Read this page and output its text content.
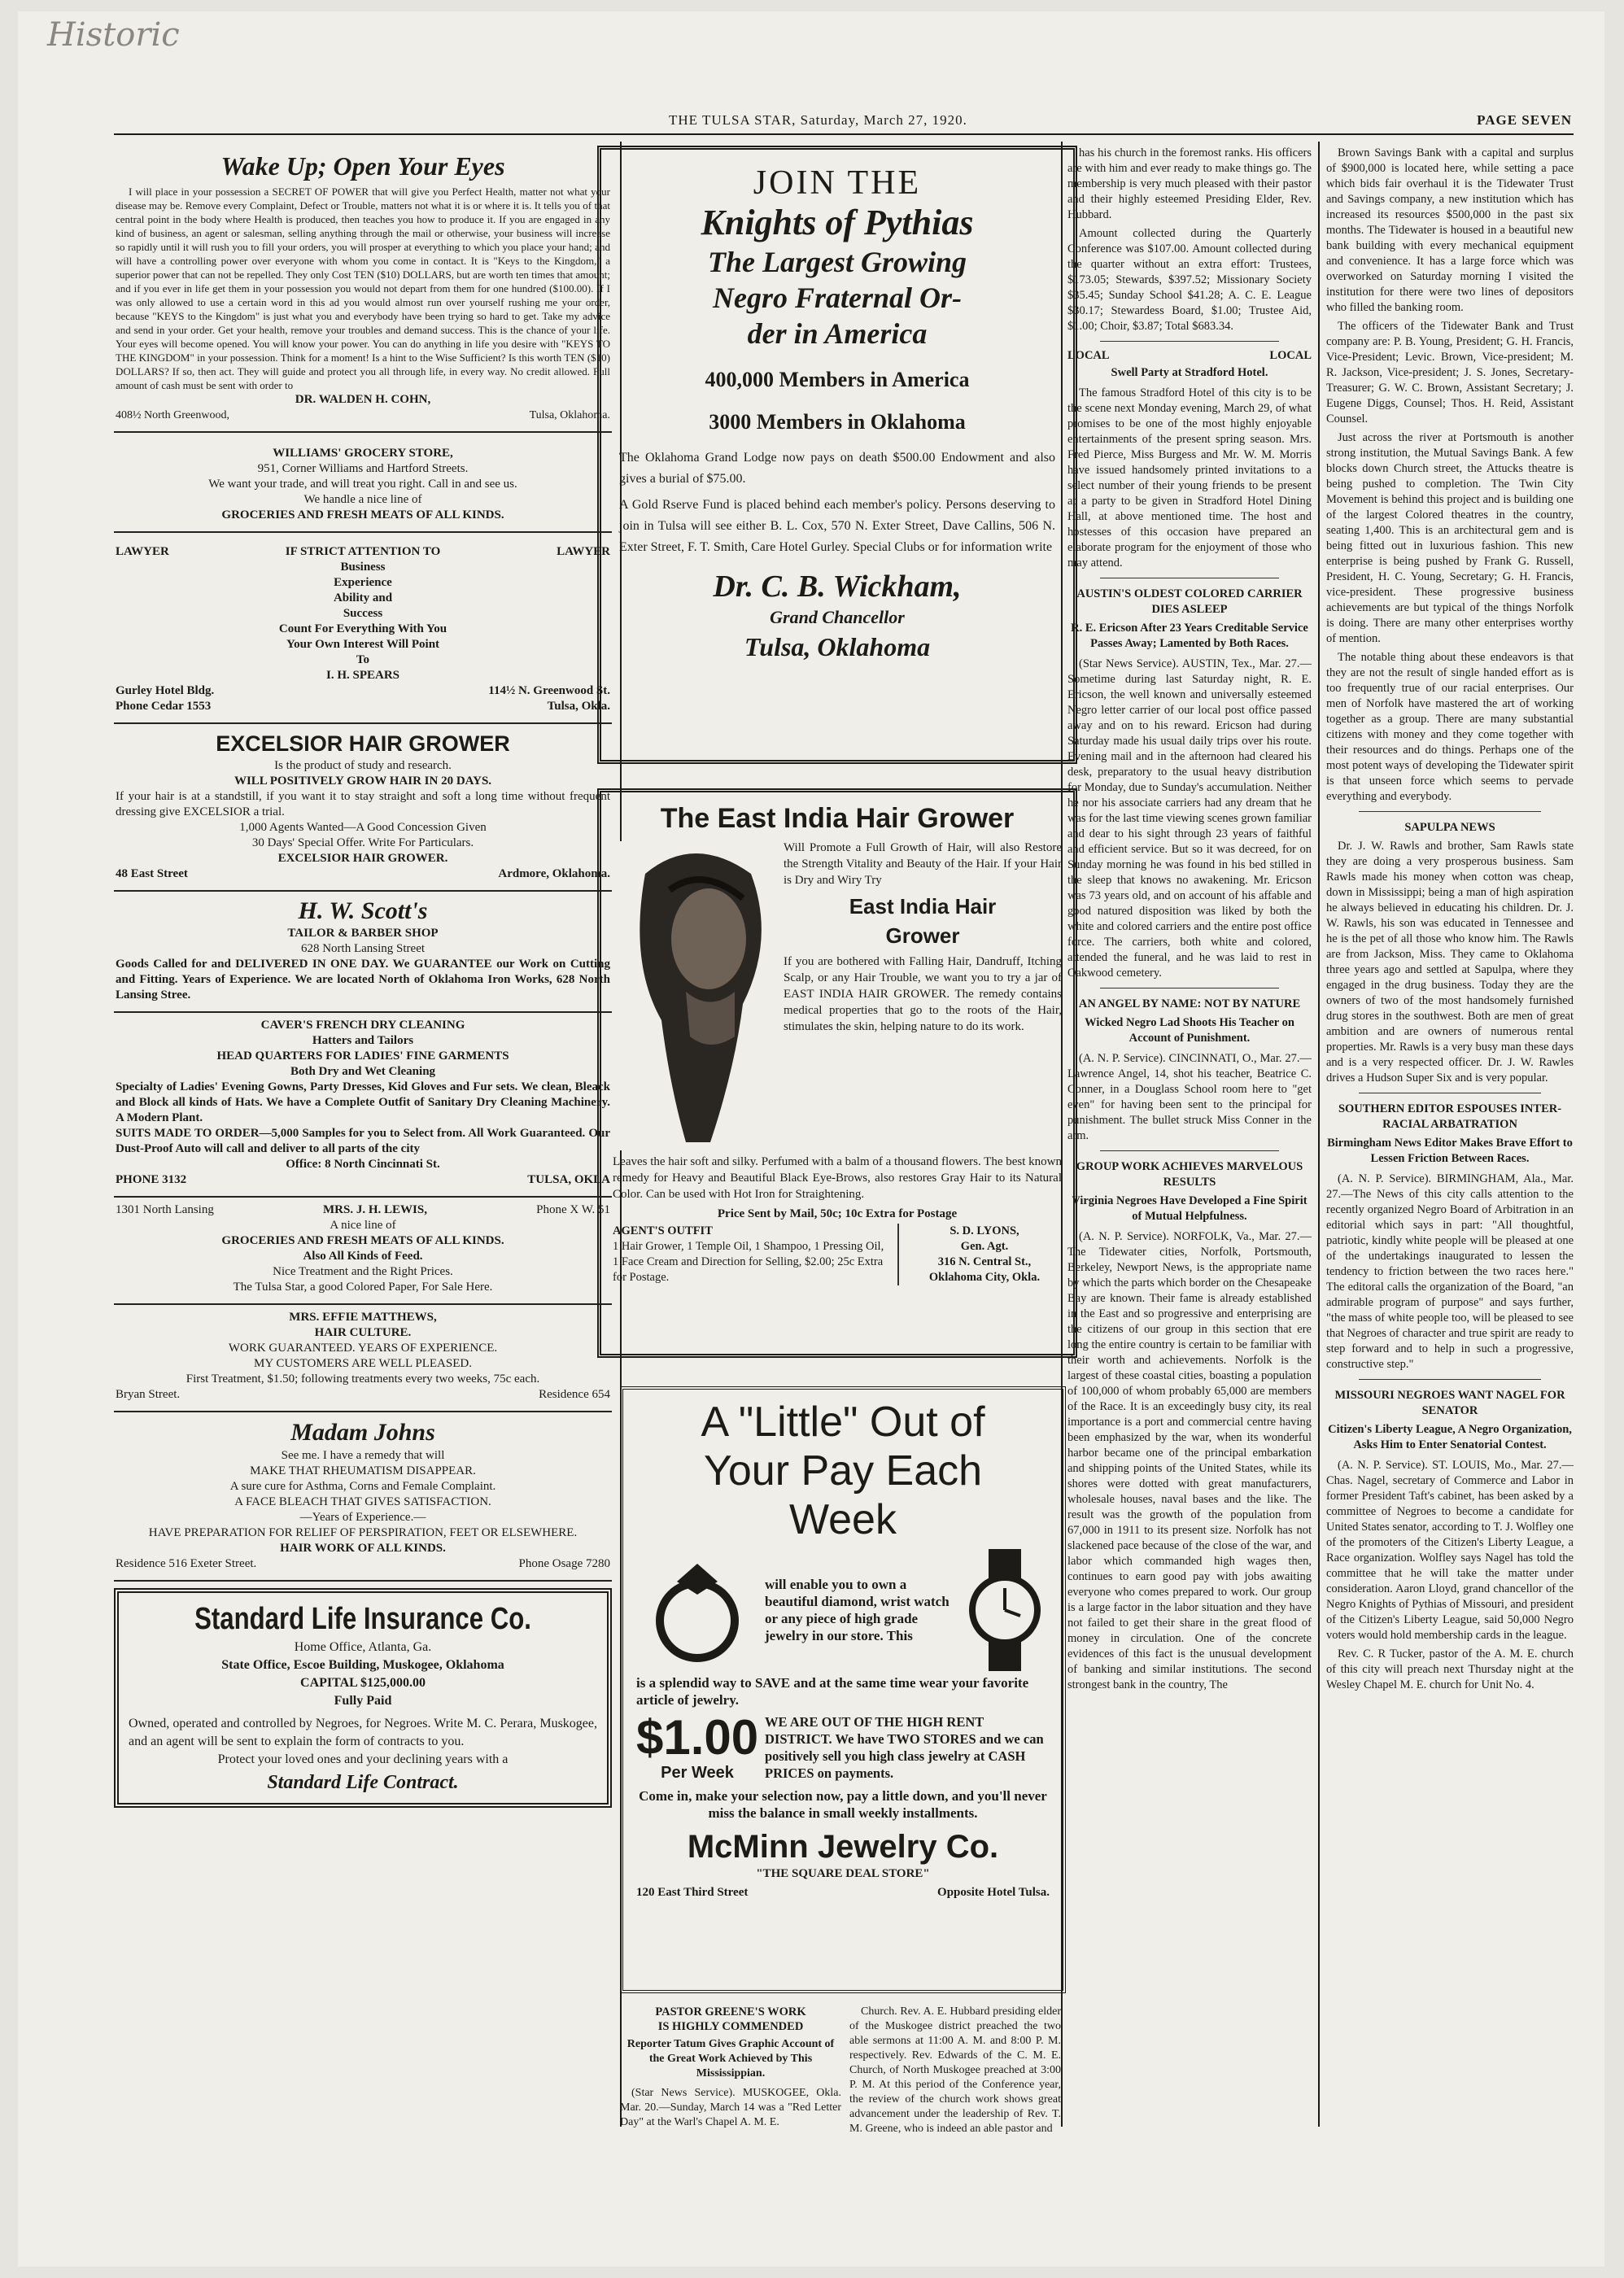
Historic
THE TULSA STAR, Saturday, March 27, 1920.	PAGE SEVEN
Wake Up; Open Your Eyes

I will place in your possession a SECRET OF POWER that will give you Perfect Health, matter not what your disease may be. Remove every Complaint, Defect or Trouble, matters not what it is or where it is. It tells you of that central point in the body where Health is produced, then teaches you how to produce it. If you are engaged in any kind of business, an agent or salesman, selling anything through the mail or otherwise, your business will increase so rapidly until it will rush you to fill your orders, you will prosper at everything to which you place your hand; and will have a controlling power over everyone with whom you come in contact. It is "Keys to the Kingdom," a superior power that can not be repelled. They only Cost TEN ($10) DOLLARS, but are worth ten times that amount; and if you ever in life get them in your possession you would not depart from them for one hundred ($100.00). If I was only allowed to use a certain word in this ad you would almost run over yourself rushing me your order, because "KEYS to the Kingdom" is just what you and everybody have been trying so hard to get. Take my advice and send in your order. Get your health, remove your troubles and demand success. This is the chance of your life. Your eyes will become opened. You will know your power. You can do anything in life you desire with "KEYS TO THE KINGDOM" in your possession. Think for a moment! Is a hint to the Wise Sufficient? Is this worth TEN ($10) DOLLARS? If so, then act. They will guide and protect you all through life, in every way. No credit allowed. Full amount of cash must be sent with order to

DR. WALDEN H. COHN,
408½ North Greenwood,	Tulsa, Oklahoma.

WILLIAMS' GROCERY STORE,

951, Corner Williams and Hartford Streets.

We want your trade, and will treat you right. Call in and see us.

We handle a nice line of

GROCERIES AND FRESH MEATS OF ALL KINDS.

LAWYER	IF STRICT ATTENTION TO	LAWYER

Business

Experience

Ability and

Success

Count For Everything With You

Your Own Interest Will Point

To

I. H. SPEARS

Gurley Hotel Bldg.	114½ N. Greenwood St.
Phone Cedar 1553	Tulsa, Okla.
EXCELSIOR HAIR GROWER

Is the product of study and research.

WILL POSITIVELY GROW HAIR IN 20 DAYS.

If your hair is at a standstill, if you want it to stay straight and soft a long time without frequent dressing give EXCELSIOR a trial.

1,000 Agents Wanted—A Good Concession Given

30 Days' Special Offer. Write For Particulars.

EXCELSIOR HAIR GROWER.

48 East Street	Ardmore, Oklahoma.
H. W. Scott's

TAILOR & BARBER SHOP

628 North Lansing Street

Goods Called for and DELIVERED IN ONE DAY. We GUARANTEE our Work on Cutting and Fitting. Years of Experience. We are located North of Oklahoma Iron Works, 628 North Lansing Stree.

CAVER'S FRENCH DRY CLEANING

Hatters and Tailors

HEAD QUARTERS FOR LADIES' FINE GARMENTS

Both Dry and Wet Cleaning

Specialty of Ladies' Evening Gowns, Party Dresses, Kid Gloves and Fur sets. We clean, Bleack and Block all kinds of Hats. We have a Complete Outfit of Sanitary Dry Cleaning Machinery. A Modern Plant.

SUITS MADE TO ORDER—5,000 Samples for you to Select from. All Work Guaranteed. Our Dust-Proof Auto will call and deliver to all parts of the city

Office: 8 North Cincinnati St.

PHONE 3132	TULSA, OKLA
1301 North Lansing	MRS. J. H. LEWIS,	Phone X W. 51

A nice line of

GROCERIES AND FRESH MEATS OF ALL KINDS.

Also All Kinds of Feed.

Nice Treatment and the Right Prices.

The Tulsa Star, a good Colored Paper, For Sale Here.

MRS. EFFIE MATTHEWS,

HAIR CULTURE.

WORK GUARANTEED. YEARS OF EXPERIENCE.

MY CUSTOMERS ARE WELL PLEASED.

First Treatment, $1.50; following treatments every two weeks, 75c each.

Bryan Street.	Residence 654
Madam Johns

See me. I have a remedy that will

MAKE THAT RHEUMATISM DISAPPEAR.

A sure cure for Asthma, Corns and Female Complaint.

A FACE BLEACH THAT GIVES SATISFACTION.

—Years of Experience.—

HAVE PREPARATION FOR RELIEF OF PERSPIRATION, FEET OR ELSEWHERE.

HAIR WORK OF ALL KINDS.

Residence 516 Exeter Street.	Phone Osage 7280
Standard Life Insurance Co.

Home Office, Atlanta, Ga.

State Office, Escoe Building, Muskogee, Oklahoma

CAPITAL $125,000.00

Fully Paid

Owned, operated and controlled by Negroes, for Negroes. Write M. C. Perara, Muskogee, and an agent will be sent to explain the form of contracts to you.

Protect your loved ones and your declining years with a

Standard Life Contract.
JOIN THE
Knights of Pythias
The Largest Growing
Negro Fraternal Or-
der in America
400,000 Members in America
3000 Members in Oklahoma

The Oklahoma Grand Lodge now pays on death $500.00 Endowment and also gives a burial of $75.00.

A Gold Rserve Fund is placed behind each member's policy. Persons deserving to join in Tulsa will see either B. L. Cox, 570 N. Exter Street, Dave Callins, 506 N. Exter Street, F. T. Smith, Care Hotel Gurley. Special Clubs or for information write

Dr. C. B. Wickham,
Grand Chancellor
Tulsa, Oklahoma
The East India Hair Grower

Will Promote a Full Growth of Hair, will also Restore the Strength Vitality and Beauty of the Hair. If your Hair is Dry and Wiry Try

East India Hair
Grower

If you are bothered with Falling Hair, Dandruff, Itching Scalp, or any Hair Trouble, we want you to try a jar of EAST INDIA HAIR GROWER. The remedy contains medical properties that go to the roots of the Hair, stimulates the skin, helping nature to do its work.

Leaves the hair soft and silky. Perfumed with a balm of a thousand flowers. The best known remedy for Heavy and Beautiful Black Eye-Brows, also restores Gray Hair to its Natural Color. Can be used with Hot Iron for Straightening.

Price Sent by Mail, 50c; 10c Extra for Postage

AGENT'S OUTFIT
1 Hair Grower, 1 Temple Oil, 1 Shampoo, 1 Pressing Oil, 1 Face Cream and Direction for Selling, $2.00; 25c Extra for Postage.
S. D. LYONS,
Gen. Agt.
316 N. Central St.,
Oklahoma City, Okla.
A "Little" Out of
Your Pay Each
Week
will enable you to own a beautiful diamond, wrist watch or any piece of high grade jewelry in our store. This

is a splendid way to SAVE and at the same time wear your favorite article of jewelry.

$1.00
Per Week
WE ARE OUT OF THE HIGH RENT DISTRICT. We have TWO STORES and we can positively sell you high class jewelry at CASH PRICES on payments.

Come in, make your selection now, pay a little down, and you'll never miss the balance in small weekly installments.

McMinn Jewelry Co.
"THE SQUARE DEAL STORE"
120 East Third Street	Opposite Hotel Tulsa.
PASTOR GREENE'S WORK
IS HIGHLY COMMENDED
Reporter Tatum Gives Graphic Account of the Great Work Achieved by This Mississippian.

(Star News Service). MUSKOGEE, Okla. Mar. 20.—Sunday, March 14 was a "Red Letter Day" at the Warl's Chapel A. M. E.

Church. Rev. A. E. Hubbard presiding elder of the Muskogee district preached the two able sermons at 11:00 A. M. and 8:00 P. M. respectively. Rev. Edwards of the C. M. E. Church, of North Muskogee preached at 3:00 P. M. At this period of the Conference year, the review of the church work shows great advancement under the leadership of Rev. T. M. Greene, who is indeed an able pastor and

has his church in the foremost ranks. His officers are with him and ever ready to make things go. The membership is very much pleased with their pastor and their highly esteemed Presiding Elder, Rev. Hubbard.

Amount collected during the Quarterly Conference was $107.00. Amount collected during the quarter without an extra effort: Trustees, $173.05; Stewards, $397.52; Missionary Society $35.45; Sunday School $41.28; A. C. E. League $30.17; Stewardess Board, $1.00; Trustee Aid, $1.00; Choir, $3.87; Total $683.34.

LOCAL	LOCAL
Swell Party at Stradford Hotel.

The famous Stradford Hotel of this city is to be the scene next Monday evening, March 29, of what promises to be one of the most highly enjoyable entertainments of the present spring season. Mrs. Fred Pierce, Miss Burgess and Mr. W. M. Morris have issued handsomely printed invitations to a select number of their young friends to be present at a party to be given in Stradford Hotel Dining Hall, at above mentioned time. The host and hostesses of this occasion have prepared an elaborate program for the enjoyment of those who may attend.

AUSTIN'S OLDEST COLORED CARRIER DIES ASLEEP
R. E. Ericson After 23 Years Creditable Service Passes Away; Lamented by Both Races.

(Star News Service). AUSTIN, Tex., Mar. 27.—Sometime during last Saturday night, R. E. Ericson, the well known and universally esteemed Negro letter carrier of our local post office passed away and on to his reward. Ericson had during Saturday made his usual daily trips over his route. Evening mail and in the afternoon had cleared his desk, preparatory to the usual heavy distribution for Monday, due to Sunday's accumulation. Neither he nor his associate carriers had any dream that he was for the last time viewing scenes grown familiar and dear to his sight through 23 years of faithful and efficient service. But so it was decreed, for on Sunday morning he was found in his bed stilled in the sleep that knows no awakening. Mr. Ericson was 73 years old, and on account of his affable and good natured disposition was liked by both the white and colored carriers and the entire post office force. The carriers, both white and colored, attended the funeral, and he was laid to rest in Oakwood cemetery.

AN ANGEL BY NAME: NOT BY NATURE
Wicked Negro Lad Shoots His Teacher on Account of Punishment.

(A. N. P. Service). CINCINNATI, O., Mar. 27.—Lawrence Angel, 14, shot his teacher, Beatrice C. Conner, in a Douglass School room here to "get even" for having been sent to the principal for punishment. The bullet struck Miss Conner in the arm.

GROUP WORK ACHIEVES MARVELOUS RESULTS
Virginia Negroes Have Developed a Fine Spirit of Mutual Helpfulness.

(A. N. P. Service). NORFOLK, Va., Mar. 27.—The Tidewater cities, Norfolk, Portsmouth, Berkeley, Newport News, is the appropriate name by which the parts which border on the Chesapeake Bay are known. Their fame is already established in the East and so progressive and enterprising are the citizens of our group in this section that ere long the entire country is certain to be familiar with their worth and achievements. Norfolk is the largest of these coastal cities, boasting a population of 100,000 of whom probably 65,000 are members of the Race. It is an exceedingly busy city, its real importance is a port and commercial centre having been emphasized by the war, when its wonderful harbor became one of the principal embarkation and shipping points of the United States, while its shores were dotted with great manufacturers, wholesale houses, naval bases and the like. The result was the growth of the population from 67,000 in 1911 to its present size. Norfolk has not slackened pace because of the close of the war, and labor which commanded high wages then, continues to earn good pay with jobs awaiting everyone who comes prepared to work. Our group is a large factor in the labor situation and they have not failed to get their share in the great flood of money in circulation. One of the concrete evidences of this fact is the unusual development of banking and similar institutions. The second strongest bank in the country, The

Brown Savings Bank with a capital and surplus of $900,000 is located here, while setting a pace which bids fair overhaul it is the Tidewater Trust and Savings company, a new institution which has increased its resources $500,000 in the past six months. The Tidewater is housed in a beautiful new bank building with every mechanical equipment and convenience. It has a large force which was overworked on Saturday morning I visited the institution for there were two lines of depositors who filled the banking room.

The officers of the Tidewater Bank and Trust company are: P. B. Young, President; G. H. Francis, Vice-President; Levic. Brown, Vice-president; M. R. Jackson, Vice-president; J. S. Jones, Secretary-Treasurer; G. W. C. Brown, Assistant Secretary; J. Eugene Diggs, Counsel; Thos. H. Reid, Assistant Counsel.

Just across the river at Portsmouth is another strong institution, the Mutual Savings Bank. A few blocks down Church street, the Attucks theatre is being pushed to completion. The Twin City Movement is behind this project and is building one of the largest Colored theatres in the country, seating 1,400. This is an architectural gem and is being fitted out in luxurious fashion. This new enterprise is being pushed by Frank G. Russell, President, H. C. Young, Secretary; G. H. Francis, vice-president. These progressive business achievements are but typical of the things Norfolk is doing. There are many other enterprises worthy of mention.

The notable thing about these endeavors is that they are not the result of single handed effort as is too frequently true of our racial enterprises. Our men of Norfolk have mastered the art of working together as a group. There are many substantial citizens with money and they come together with their resources and do things. Perhaps one of the most potent ways of developing the Tidewater spirit is that unseen force which seems to pervade everything and everybody.

SAPULPA NEWS

Dr. J. W. Rawls and brother, Sam Rawls state they are doing a very prosperous business. Sam Rawls made his money when cotton was cheap, down in Mississippi; being a man of high aspiration he always believed in educating his children. Dr. J. W. Rawls, his son was educated in Tennessee and he is the pet of all those who know him. The Rawls are from Jackson, Miss. They came to Oklahoma three years ago and settled at Sapulpa, where they engaged in the drug business. Today they are the owners of two of the most handsomely furnished drug stores in the southwest. Both are men of great ambition and are owners of numerous rental properties. Mr. Rawls is a very busy man these days and is a very respected officer. Dr. J. W. Rawles drives a Hudson Super Six and is very popular.

SOUTHERN EDITOR ESPOUSES INTER-RACIAL ARBATRATION
Birmingham News Editor Makes Brave Effort to Lessen Friction Between Races.

(A. N. P. Service). BIRMINGHAM, Ala., Mar. 27.—The News of this city calls attention to the recently organized Negro Board of Arbitration in an editorial which says in part: "All thoughtful, patriotic, kindly white people will be pleased at one of the undertakings inaugurated to lessen the tendency to friction between the two races here." The editoral calls the organization of the Board, "an admirable program of purpose" and says further, "the mass of white people too, will be pleased to see that Negroes of character and true spirit are ready to step forward and to help in such a progressive, constructive step."

MISSOURI NEGROES WANT NAGEL FOR SENATOR
Citizen's Liberty League, A Negro Organization, Asks Him to Enter Senatorial Contest.

(A. N. P. Service). ST. LOUIS, Mo., Mar. 27.—Chas. Nagel, secretary of Commerce and Labor in former President Taft's cabinet, has been asked by a committee of Negroes to become a candidate for United States senator, according to T. J. Wolfley one of the promoters of the Citizen's Liberty League, a Race organization. Wolfley says Nagel has told the committee that he will take the matter under consideration. Aaron Lloyd, grand chancellor of the Negro Knights of Pythias of Missouri, and president of the Citizen's Liberty League, said 50,000 Negro voters would hold membership cards in the league.

Rev. C. R Tucker, pastor of the A. M. E. church of this city will preach next Thursday night at the Wesley Chapel M. E. church for Unit No. 4.
